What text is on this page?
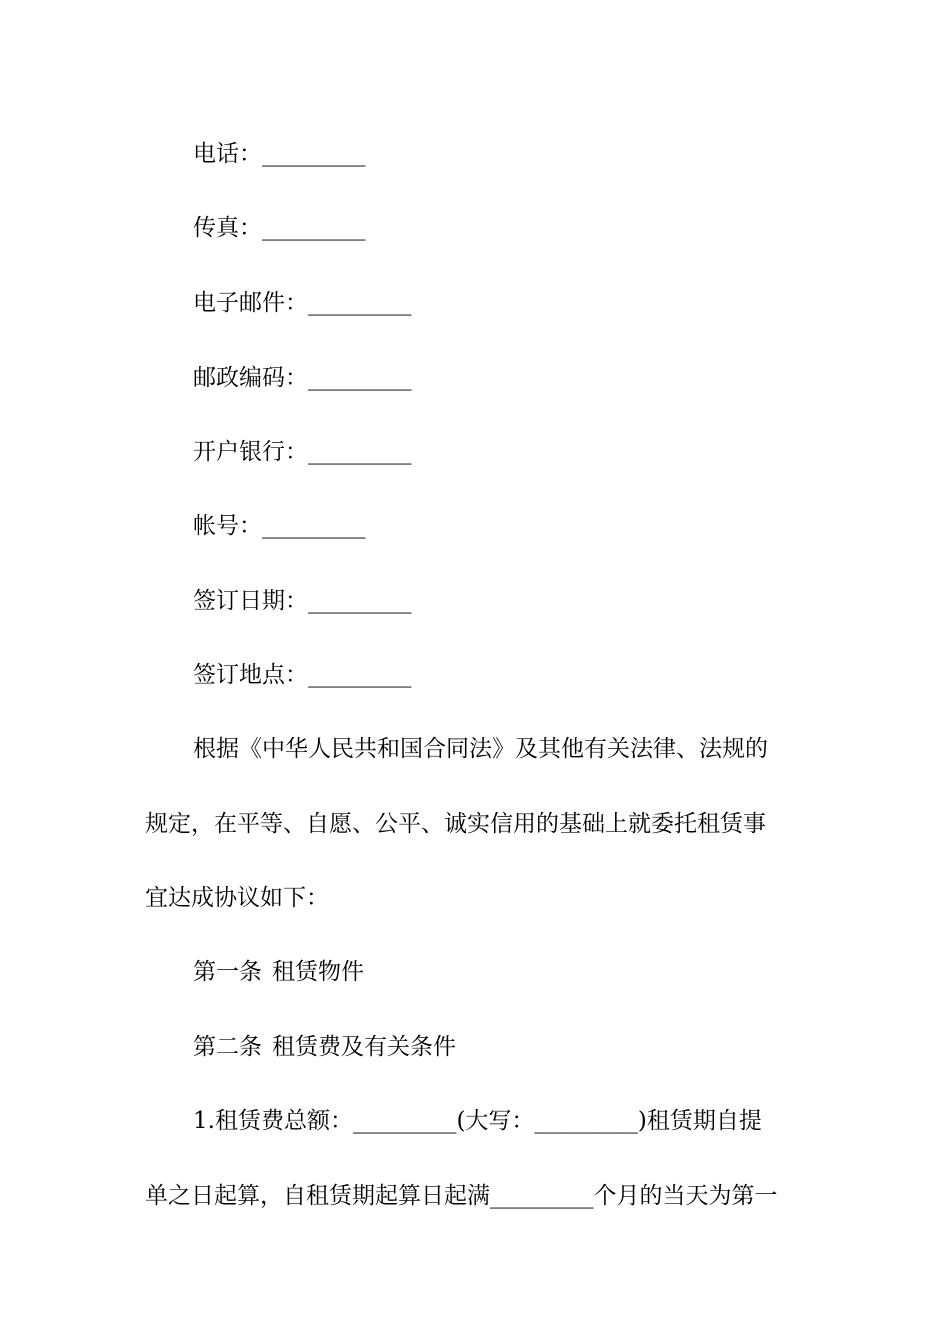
电话：_________
传真：_________
电子邮件：_________
邮政编码：_________
开户银行：_________
帐号：_________
签订日期：_________
签订地点：_________
根据《中华人民共和国合同法》及其他有关法律、法规的
规定，在平等、自愿、公平、诚实信用的基础上就委托租赁事
宜达成协议如下：
第一条 租赁物件
第二条 租赁费及有关条件
1.租赁费总额：_________(大写：_________)租赁期自提
单之日起算，自租赁期起算日起满_________个月的当天为第一
